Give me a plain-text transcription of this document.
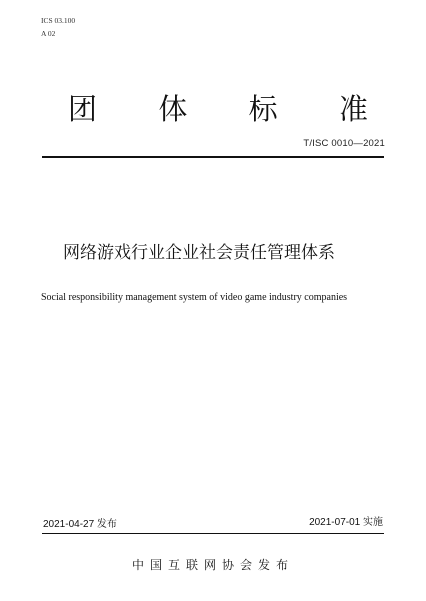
ICS 03.100
A 02
团 体 标 准
T/ISC 0010—2021
网络游戏行业企业社会责任管理体系
Social responsibility management system of video game industry companies
2021-04-27 发布	2021-07-01 实施
中国互联网协会发布
